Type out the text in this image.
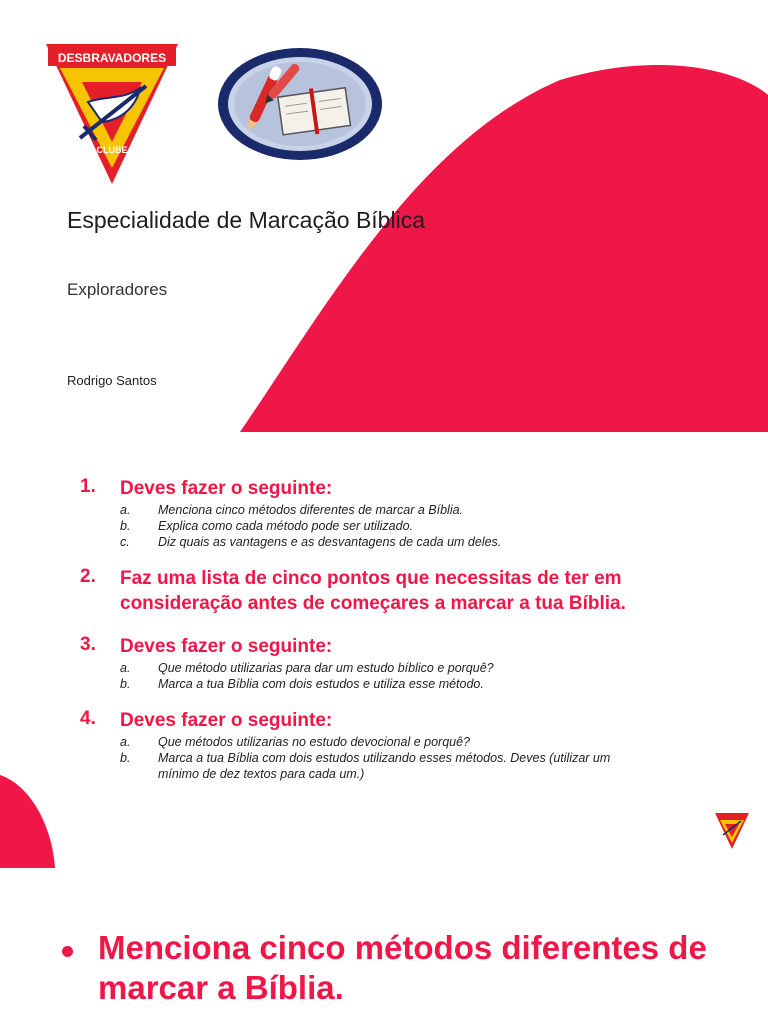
DESBRAVADORES
CLUBE
Especialidade de Marcação Bíblica
Exploradores
Rodrigo Santos
1.	Deves fazer o seguinte:
a.	Menciona cinco métodos diferentes de marcar a Bíblia.
b.	Explica como cada método pode ser utilizado.
c.	Diz quais as vantagens e as desvantagens de cada um deles.
2.	Faz uma lista de cinco pontos que necessitas de ter em consideração antes de começares a marcar a tua Bíblia.
3.	Deves fazer o seguinte:
a.	Que método utilizarias para dar um estudo bíblico e porquê?
b.	Marca a tua Bíblia com dois estudos e utiliza esse método.
4.	Deves fazer o seguinte:
a.	Que métodos utilizarias no estudo devocional e porquê?
b.	Marca a tua Bíblia com dois estudos utilizando esses métodos. Deves (utilizar um mínimo de dez textos para cada um.)
Menciona cinco métodos diferentes de marcar a Bíblia.
